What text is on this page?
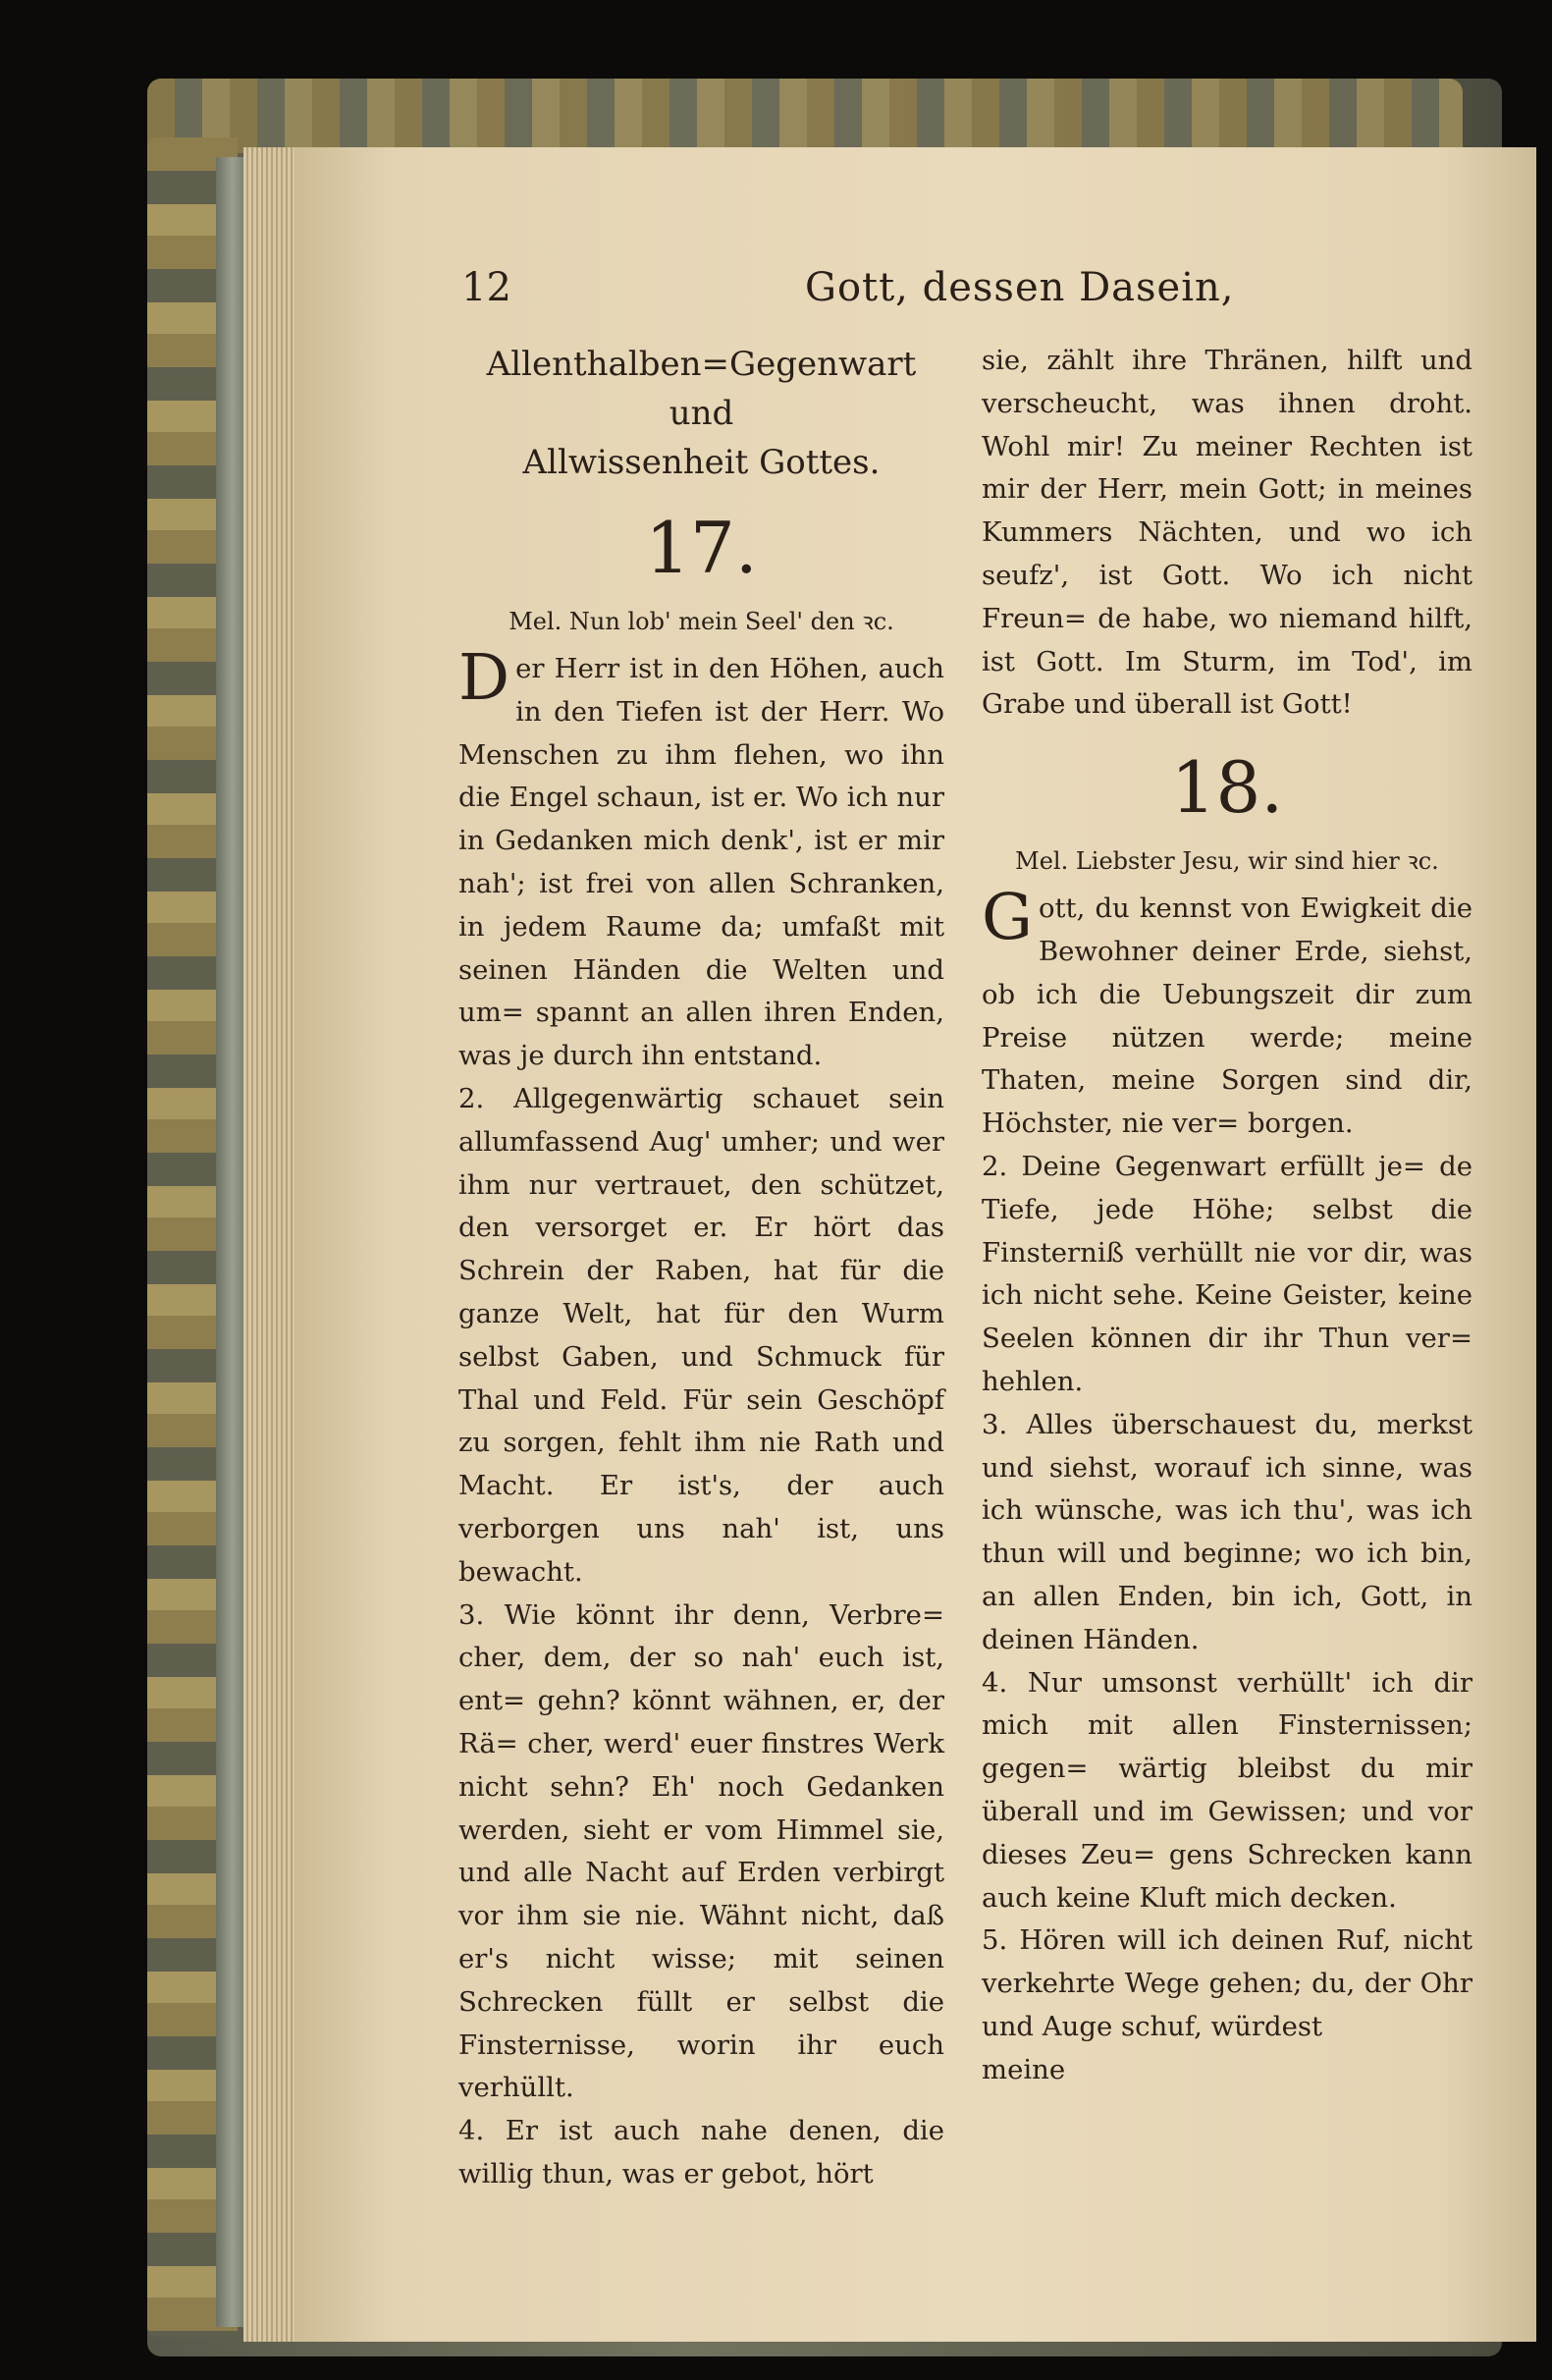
12	Gott, dessen Dasein,
Allenthalben=Gegenwart und
Allwissenheit Gottes.
17.
Mel. Nun lob' mein Seel' den ꝛc.

Der Herr ist in den Höhen, auch in den Tiefen ist der Herr. Wo Menschen zu ihm flehen, wo ihn die Engel schaun, ist er. Wo ich nur in Gedanken mich denk', ist er mir nah'; ist frei von allen Schranken, in jedem Raume da; umfaßt mit seinen Händen die Welten und um= spannt an allen ihren Enden, was je durch ihn entstand.

2. Allgegenwärtig schauet sein allumfassend Aug' umher; und wer ihm nur vertrauet, den schützet, den versorget er. Er hört das Schrein der Raben, hat für die ganze Welt, hat für den Wurm selbst Gaben, und Schmuck für Thal und Feld. Für sein Geschöpf zu sorgen, fehlt ihm nie Rath und Macht. Er ist's, der auch verborgen uns nah' ist, uns bewacht.

3. Wie könnt ihr denn, Verbre= cher, dem, der so nah' euch ist, ent= gehn? könnt wähnen, er, der Rä= cher, werd' euer finstres Werk nicht sehn? Eh' noch Gedanken werden, sieht er vom Himmel sie, und alle Nacht auf Erden verbirgt vor ihm sie nie. Wähnt nicht, daß er's nicht wisse; mit seinen Schrecken füllt er selbst die Finsternisse, worin ihr euch verhüllt.

4. Er ist auch nahe denen, die willig thun, was er gebot, hört

sie, zählt ihre Thränen, hilft und verscheucht, was ihnen droht. Wohl mir! Zu meiner Rechten ist mir der Herr, mein Gott; in meines Kummers Nächten, und wo ich seufz', ist Gott. Wo ich nicht Freun= de habe, wo niemand hilft, ist Gott. Im Sturm, im Tod', im Grabe und überall ist Gott!

18.
Mel. Liebster Jesu, wir sind hier ꝛc.

Gott, du kennst von Ewigkeit die Bewohner deiner Erde, siehst, ob ich die Uebungszeit dir zum Preise nützen werde; meine Thaten, meine Sorgen sind dir, Höchster, nie ver= borgen.

2. Deine Gegenwart erfüllt je= de Tiefe, jede Höhe; selbst die Finsterniß verhüllt nie vor dir, was ich nicht sehe. Keine Geister, keine Seelen können dir ihr Thun ver= hehlen.

3. Alles überschauest du, merkst und siehst, worauf ich sinne, was ich wünsche, was ich thu', was ich thun will und beginne; wo ich bin, an allen Enden, bin ich, Gott, in deinen Händen.

4. Nur umsonst verhüllt' ich dir mich mit allen Finsternissen; gegen= wärtig bleibst du mir überall und im Gewissen; und vor dieses Zeu= gens Schrecken kann auch keine Kluft mich decken.

5. Hören will ich deinen Ruf, nicht verkehrte Wege gehen; du, der Ohr und Auge schuf, würdest

meine
